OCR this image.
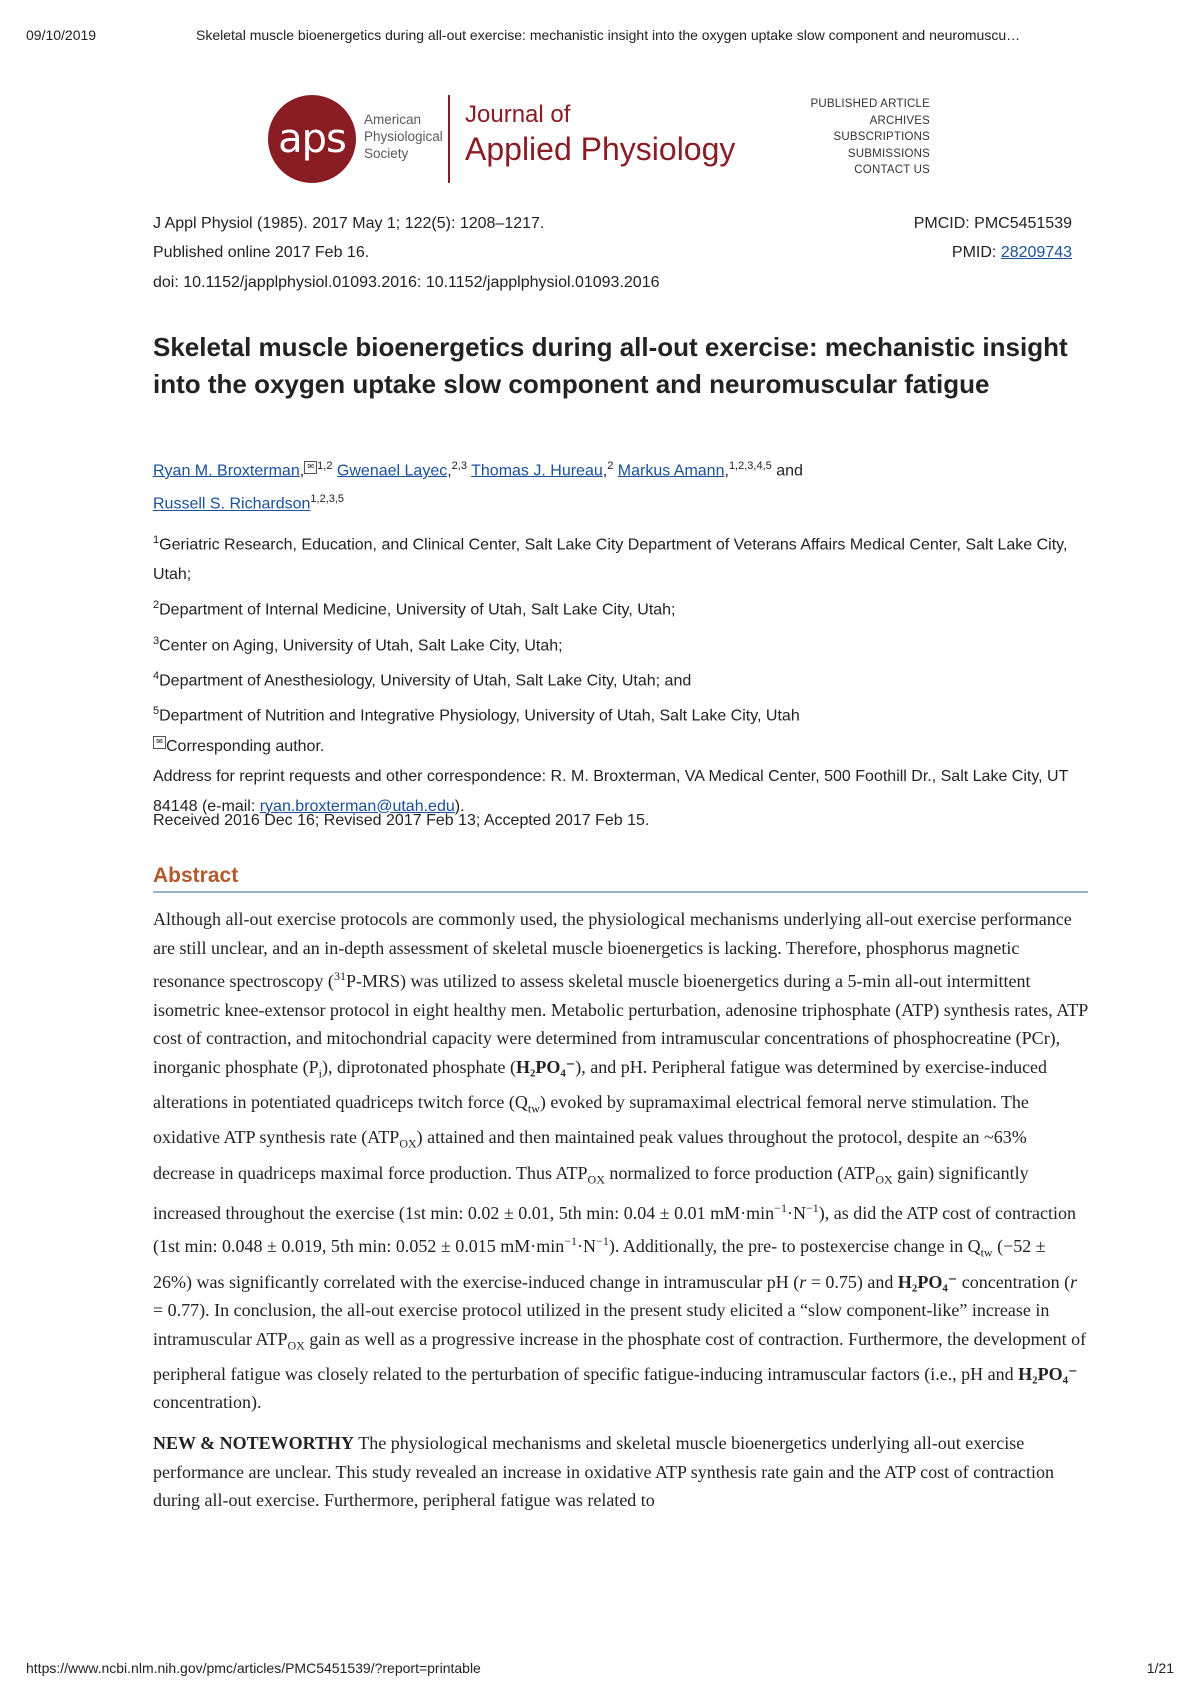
09/10/2019	Skeletal muscle bioenergetics during all-out exercise: mechanistic insight into the oxygen uptake slow component and neuromuscu…
aps	American
Physiological
Society
Journal of
Applied Physiology
PUBLISHED ARTICLE
ARCHIVES
SUBSCRIPTIONS
SUBMISSIONS
CONTACT US
J Appl Physiol (1985). 2017 May 1; 122(5): 1208–1217.
Published online 2017 Feb 16.
doi: 10.1152/japplphysiol.01093.2016: 10.1152/japplphysiol.01093.2016
PMCID: PMC5451539
PMID: 28209743
Skeletal muscle bioenergetics during all-out exercise: mechanistic insight into the oxygen uptake slow component and neuromuscular fatigue
Ryan M. Broxterman, ✉ $^{1,2}$ Gwenael Layec,$^{2,3}$ Thomas J. Hureau,$^2$ Markus Amann,$^{1,2,3,4,5}$ and
Russell S. Richardson$^{1,2,3,5}$
$^1$Geriatric Research, Education, and Clinical Center, Salt Lake City Department of Veterans Affairs Medical Center, Salt Lake City, Utah;
$^2$Department of Internal Medicine, University of Utah, Salt Lake City, Utah;
$^3$Center on Aging, University of Utah, Salt Lake City, Utah;
$^4$Department of Anesthesiology, University of Utah, Salt Lake City, Utah; and
$^5$Department of Nutrition and Integrative Physiology, University of Utah, Salt Lake City, Utah
✉ Corresponding author.
Address for reprint requests and other correspondence: R. M. Broxterman, VA Medical Center, 500 Foothill Dr., Salt Lake City, UT 84148 (e-mail: ryan.broxterman@utah.edu).
Received 2016 Dec 16; Revised 2017 Feb 13; Accepted 2017 Feb 15.
Abstract

Although all-out exercise protocols are commonly used, the physiological mechanisms underlying all-out exercise performance are still unclear, and an in-depth assessment of skeletal muscle bioenergetics is lacking. Therefore, phosphorus magnetic resonance spectroscopy ($^{31}$P-MRS) was utilized to assess skeletal muscle bioenergetics during a 5-min all-out intermittent isometric knee-extensor protocol in eight healthy men. Metabolic perturbation, adenosine triphosphate (ATP) synthesis rates, ATP cost of contraction, and mitochondrial capacity were determined from intramuscular concentrations of phosphocreatine (PCr), inorganic phosphate $(P_i)$, diprotonated phosphate (H₂PO₄⁻), and pH. Peripheral fatigue was determined by exercise-induced alterations in potentiated quadriceps twitch force $(Q_{tw})$ evoked by supramaximal electrical femoral nerve stimulation. The oxidative ATP synthesis rate $(ATP_{OX})$ attained and then maintained peak values throughout the protocol, despite an ~63% decrease in quadriceps maximal force production. Thus $ATP_{OX}$ normalized to force production ($ATP_{OX}$ gain) significantly increased throughout the exercise (1st min: 0.02 ± 0.01, 5th min: 0.04 ± 0.01 $mM\cdot\min^{-1}\cdot N^{-1}$), as did the ATP cost of contraction (1st min: 0.048 ± 0.019, 5th min: 0.052 ± 0.015 $mM\cdot\min^{-1}\cdot N^{-1}$). Additionally, the pre- to postexercise change in $Q_{tw}$ (−52 ± 26%) was significantly correlated with the exercise-induced change in intramuscular pH (r = 0.75) and H₂PO₄⁻ concentration (r = 0.77). In conclusion, the all-out exercise protocol utilized in the present study elicited a “slow component-like” increase in intramuscular $ATP_{OX}$ gain as well as a progressive increase in the phosphate cost of contraction. Furthermore, the development of peripheral fatigue was closely related to the perturbation of specific fatigue-inducing intramuscular factors (i.e., pH and H₂PO₄⁻ concentration).

NEW & NOTEWORTHY The physiological mechanisms and skeletal muscle bioenergetics underlying all-out exercise performance are unclear. This study revealed an increase in oxidative ATP synthesis rate gain and the ATP cost of contraction during all-out exercise. Furthermore, peripheral fatigue was related to

https://www.ncbi.nlm.nih.gov/pmc/articles/PMC5451539/?report=printable	1/21
